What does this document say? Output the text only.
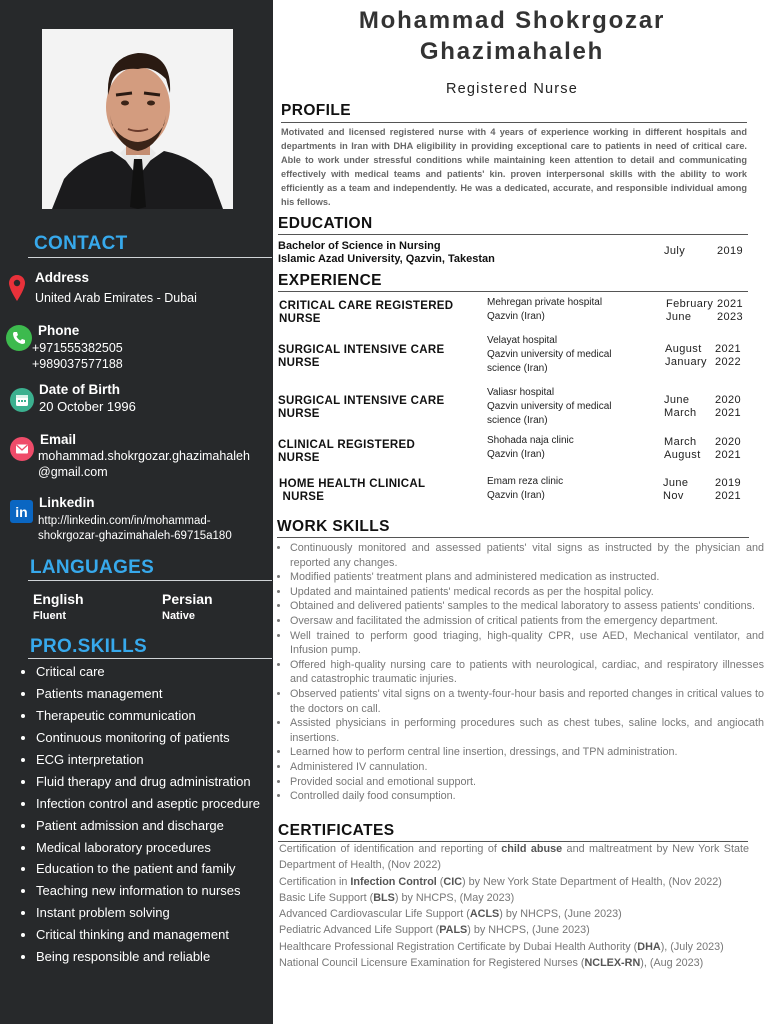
CONTACT
Address
United Arab Emirates - Dubai
Phone
+971555382505
+989037577188
Date of Birth
20 October 1996
Email
mohammad.shokrgozar.ghazimahaleh
@gmail.com
in
Linkedin
http://linkedin.com/in/mohammad-
shokrgozar-ghazimahaleh-69715a180
LANGUAGES
English
Fluent
Persian
Native
PRO.SKILLS
• Critical care
• Patients management
• Therapeutic communication
• Continuous monitoring of patients
• ECG interpretation
• Fluid therapy and drug administration
• Infection control and aseptic procedure
• Patient admission and discharge
• Medical laboratory procedures
• Education to the patient and family
• Teaching new information to nurses
• Instant problem solving
• Critical thinking and management
• Being responsible and reliable
Mohammad Shokrgozar Ghazimahaleh
Registered Nurse
PROFILE
Motivated and licensed registered nurse with 4 years of experience working in different hospitals and departments in Iran with DHA eligibility in providing exceptional care to patients in need of critical care. Able to work under stressful conditions while maintaining keen attention to detail and communicating effectively with medical teams and patients' kin. proven interpersonal skills with the ability to work efficiently as a team and independently. He was a dedicated, accurate, and responsible individual among his fellows.
EDUCATION
Bachelor of Science in Nursing
Islamic Azad University, Qazvin, Takestan
July	2019
EXPERIENCE
CRITICAL CARE REGISTERED
NURSE
Mehregan private hospital
Qazvin (Iran)
February
June
2021
2023
SURGICAL INTENSIVE CARE
NURSE
Velayat hospital
Qazvin university of medical
science (Iran)
August
January
2021
2022
SURGICAL INTENSIVE CARE
NURSE
Valiasr hospital
Qazvin university of medical
science (Iran)
June
March
2020
2021
CLINICAL REGISTERED
NURSE
Shohada naja clinic
Qazvin (Iran)
March
August
2020
2021
HOME HEALTH CLINICAL
NURSE
Emam reza clinic
Qazvin (Iran)
June
Nov
2019
2021
WORK SKILLS
• Continuously monitored and assessed patients' vital signs as instructed by the physician and reported any changes.
• Modified patients' treatment plans and administered medication as instructed.
• Updated and maintained patients' medical records as per the hospital policy.
• Obtained and delivered patients' samples to the medical laboratory to assess patients' conditions.
• Oversaw and facilitated the admission of critical patients from the emergency department.
• Well trained to perform good triaging, high-quality CPR, use AED, Mechanical ventilator, and Infusion pump.
• Offered high-quality nursing care to patients with neurological, cardiac, and respiratory illnesses and catastrophic traumatic injuries.
• Observed patients' vital signs on a twenty-four-hour basis and reported changes in critical values to the doctors on call.
• Assisted physicians in performing procedures such as chest tubes, saline locks, and angiocath insertions.
• Learned how to perform central line insertion, dressings, and TPN administration.
• Administered IV cannulation.
• Provided social and emotional support.
• Controlled daily food consumption.
CERTIFICATES
Certification of identification and reporting of child abuse and maltreatment by New York State Department of Health, (Nov 2022)
Certification in Infection Control (CIC) by New York State Department of Health, (Nov 2022)
Basic Life Support (BLS) by NHCPS, (May 2023)
Advanced Cardiovascular Life Support (ACLS) by NHCPS, (June 2023)
Pediatric Advanced Life Support (PALS) by NHCPS, (June 2023)
Healthcare Professional Registration Certificate by Dubai Health Authority (DHA), (July 2023)
National Council Licensure Examination for Registered Nurses (NCLEX-RN), (Aug 2023)
